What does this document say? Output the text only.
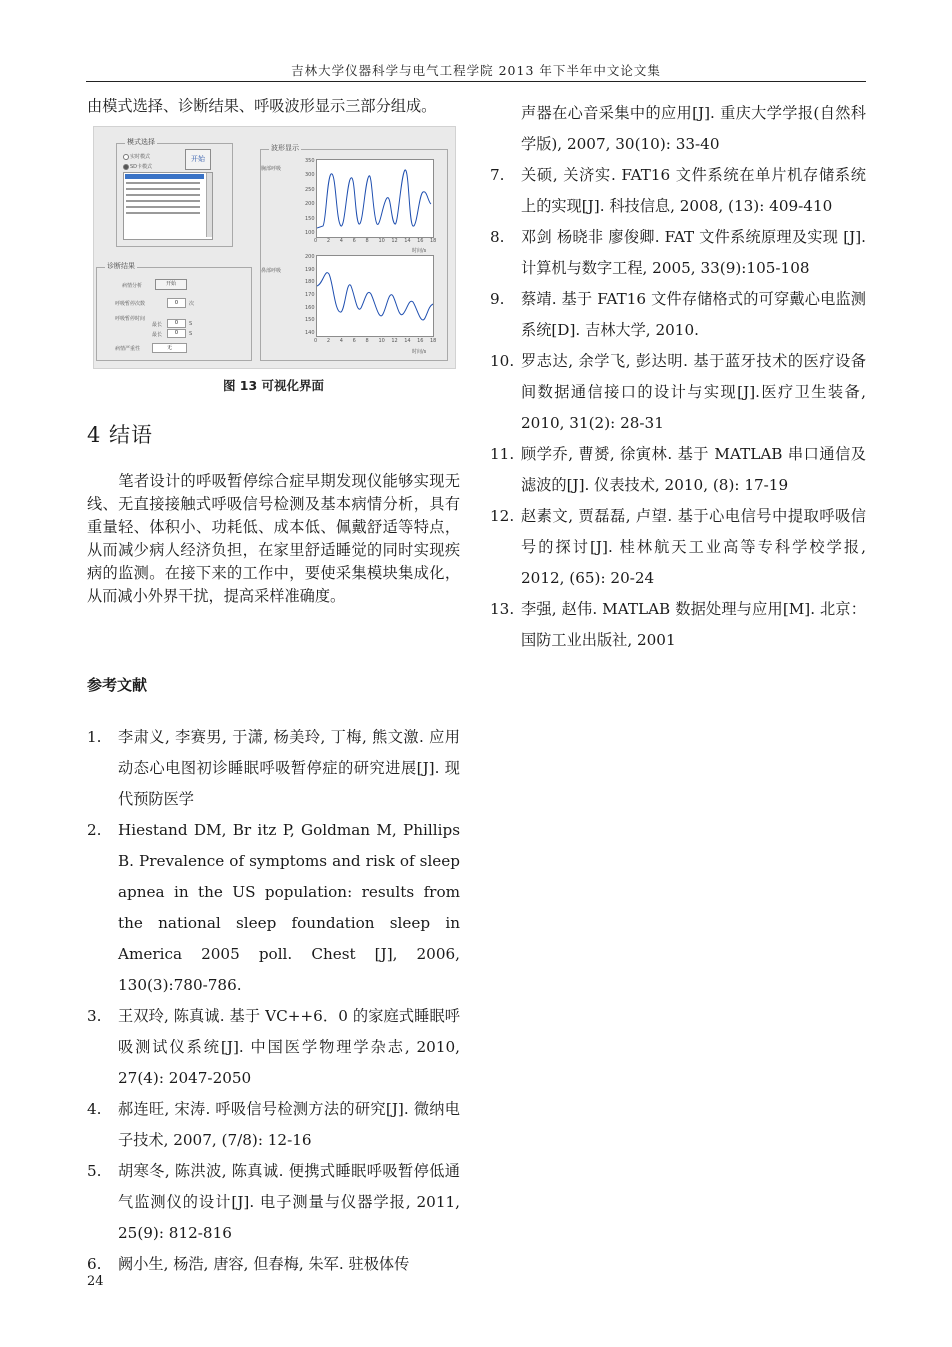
吉林大学仪器科学与电气工程学院 2013 年下半年中文论文集
由模式选择、诊断结果、呼吸波形显示三部分组成。
模式选择
实时模式
SD卡模式
开始
诊断结果
病情分析	开始
呼吸暂停次数	0	次
呼吸暂停时间
最长	0	S
最长	0	S
病情严重性	无
波形显示
胸部呼吸
鼻部呼吸
350
300
250
200
150
100
200
190
180
170
160
150
140
0 2 4 6 8 10 12 14 16 18
0 2 4 6 8 10 12 14 16 18
时间/s
时间/s
图 13 可视化界面
4 结语
笔者设计的呼吸暂停综合症早期发现仪能够实现无线、无直接接触式呼吸信号检测及基本病情分析，具有重量轻、体积小、功耗低、成本低、佩戴舒适等特点，从而减少病人经济负担，在家里舒适睡觉的同时实现疾病的监测。在接下来的工作中，要使采集模块集成化，从而减小外界干扰，提高采样准确度。
参考文献
1. 李肃义, 李赛男, 于潇, 杨美玲, 丁梅, 熊文激. 应用动态心电图初诊睡眠呼吸暂停症的研究进展[J]. 现代预防医学
2. Hiestand DM, Br itz P, Goldman M, Phillips B. Prevalence of symptoms and risk of sleep apnea in the US population: results from the national sleep foundation sleep in America 2005 poll. Chest [J], 2006, 130(3):780-786.
3. 王双玲, 陈真诚. 基于 VC++6．0 的家庭式睡眠呼吸测试仪系统[J]. 中国医学物理学杂志, 2010, 27(4): 2047-2050
4. 郝连旺, 宋涛. 呼吸信号检测方法的研究[J]. 微纳电子技术, 2007, (7/8): 12-16
5. 胡寒冬, 陈洪波, 陈真诚. 便携式睡眠呼吸暂停低通气监测仪的设计[J]. 电子测量与仪器学报, 2011, 25(9): 812-816
6. 阙小生, 杨浩, 唐容, 但春梅, 朱军. 驻极体传
声器在心音采集中的应用[J]. 重庆大学学报(自然科学版), 2007, 30(10): 33-40
7. 关硕, 关济实. FAT16 文件系统在单片机存储系统上的实现[J]. 科技信息, 2008, (13): 409-410
8. 邓剑 杨晓非 廖俊卿. FAT 文件系统原理及实现 [J]. 计算机与数字工程, 2005, 33(9):105-108
9. 蔡靖. 基于 FAT16 文件存储格式的可穿戴心电监测系统[D]. 吉林大学, 2010.
10. 罗志达, 余学飞, 彭达明. 基于蓝牙技术的医疗设备间数据通信接口的设计与实现[J].医疗卫生装备, 2010, 31(2): 28-31
11. 顾学乔, 曹赟, 徐寅林. 基于 MATLAB 串口通信及滤波的[J]. 仪表技术, 2010, (8): 17-19
12. 赵素文, 贾磊磊, 卢望. 基于心电信号中提取呼吸信号的探讨[J]. 桂林航天工业高等专科学校学报, 2012, (65): 20-24
13. 李强, 赵伟. MATLAB 数据处理与应用[M]. 北京：国防工业出版社, 2001
24
